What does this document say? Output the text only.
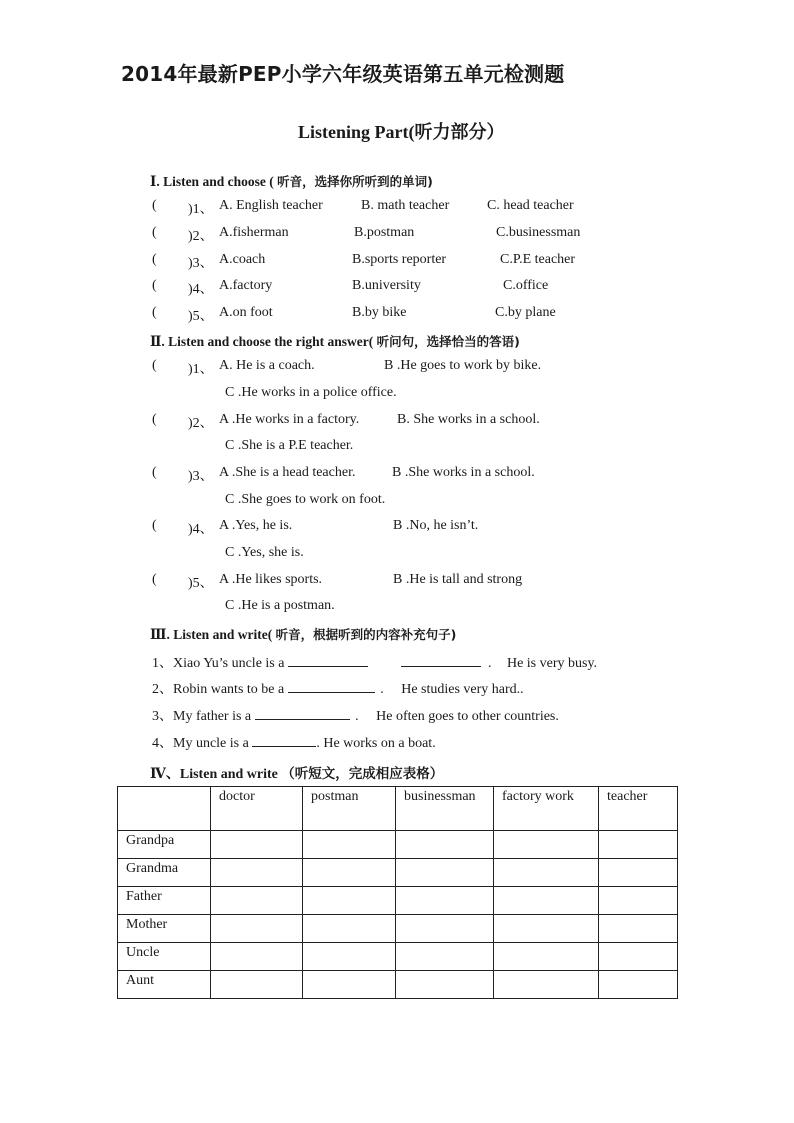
2014年最新PEP小学六年级英语第五单元检测题
Listening Part(听力部分）
Ⅰ. Listen and choose ( 听音，选择你所听到的单词)
( )1、 A. English teacher	B. math teacher	C. head teacher
( )2、 A.fisherman	B.postman	C.businessman
( )3、 A.coach	B.sports reporter	C.P.E teacher
( )4、 A.factory	B.university	C.office
( )5、 A.on foot	B.by bike	C.by plane
Ⅱ. Listen and choose the right answer( 听问句，选择恰当的答语)
( )1、 A. He is a coach.	B .He goes to work by bike.
C .He works in a police office.
( )2、 A .He works in a factory.	B. She works in a school.
C .She is a P.E teacher.
( )3、 A .She is a head teacher.	B .She works in a school.
C .She goes to work on foot.
( )4、 A .Yes, he is.	B .No, he isn’t.
C .Yes, she is.
( )5、 A .He likes sports.	B .He is tall and strong
C .He is a postman.
Ⅲ. Listen and write( 听音，根据听到的内容补充句子)
1、Xiao Yu’s uncle is a	. He is very busy.
2、Robin wants to be a	. He studies very hard..
3、My father is a	. He often goes to other countries.
4、My uncle is a	. He works on a boat.
Ⅳ、Listen and write （听短文，完成相应表格）
	doctor	postman	businessman	factory work	teacher
Grandpa					
Grandma					
Father					
Mother					
Uncle					
Aunt					
